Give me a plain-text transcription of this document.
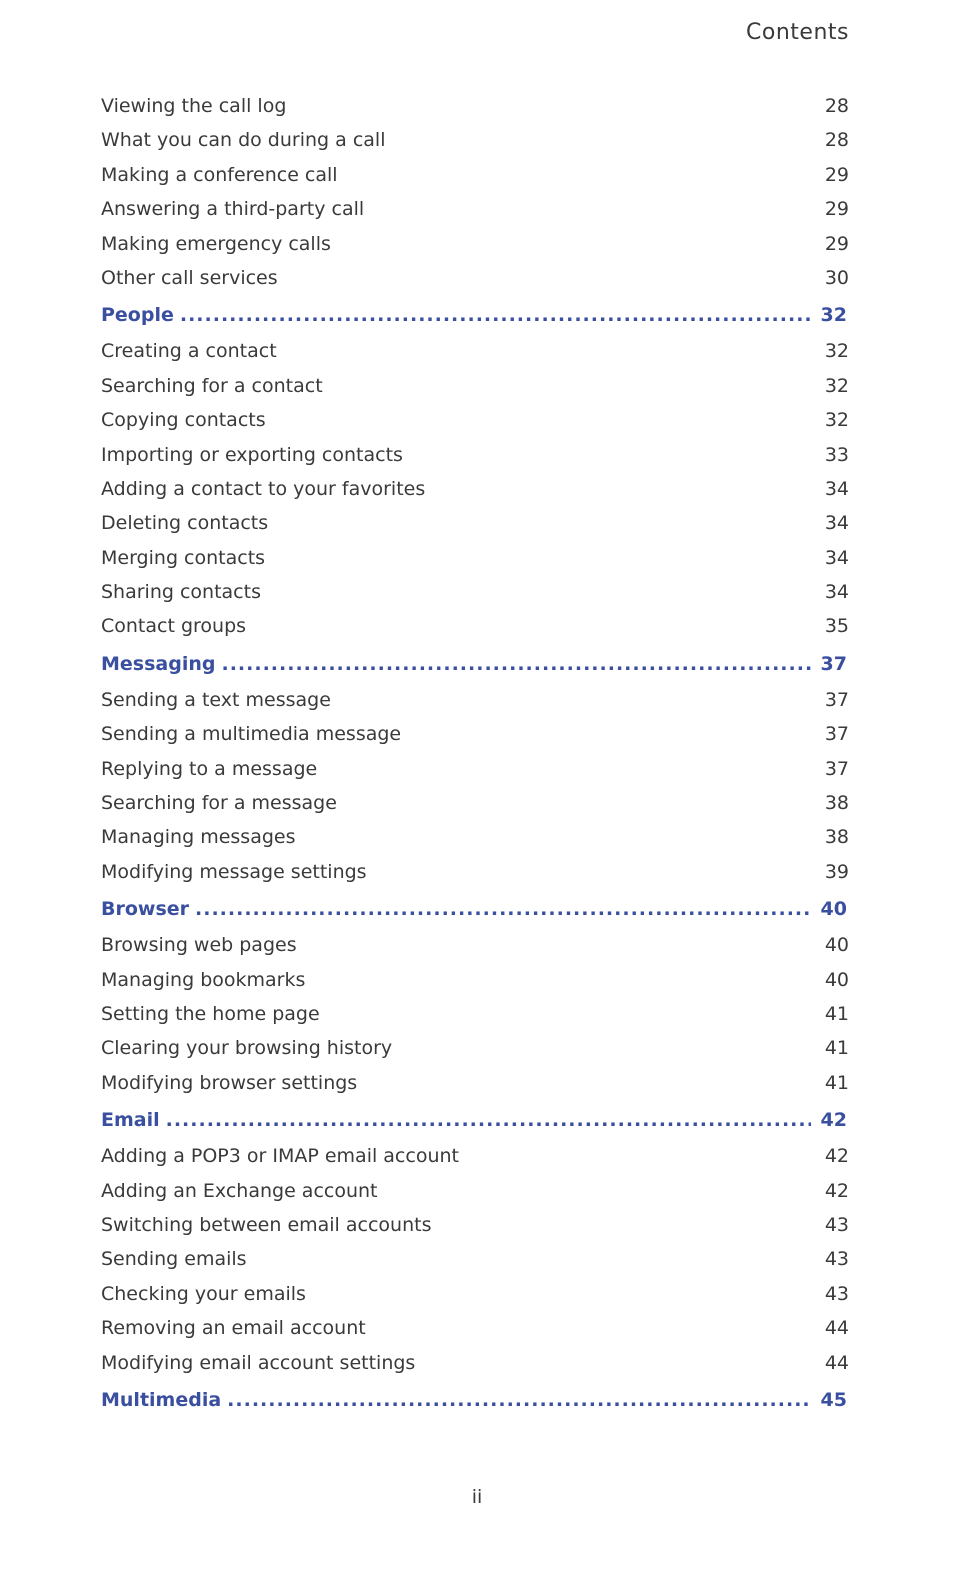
Contents
Viewing the call log	28
What you can do during a call	28
Making a conference call	29
Answering a third-party call	29
Making emergency calls	29
Other call services	30
People .....	32
Creating a contact	32
Searching for a contact	32
Copying contacts	32
Importing or exporting contacts	33
Adding a contact to your favorites	34
Deleting contacts	34
Merging contacts	34
Sharing contacts	34
Contact groups	35
Messaging .....	37
Sending a text message	37
Sending a multimedia message	37
Replying to a message	37
Searching for a message	38
Managing messages	38
Modifying message settings	39
Browser .....	40
Browsing web pages	40
Managing bookmarks	40
Setting the home page	41
Clearing your browsing history	41
Modifying browser settings	41
Email .....	42
Adding a POP3 or IMAP email account	42
Adding an Exchange account	42
Switching between email accounts	43
Sending emails	43
Checking your emails	43
Removing an email account	44
Modifying email account settings	44
Multimedia .....	45
ii
